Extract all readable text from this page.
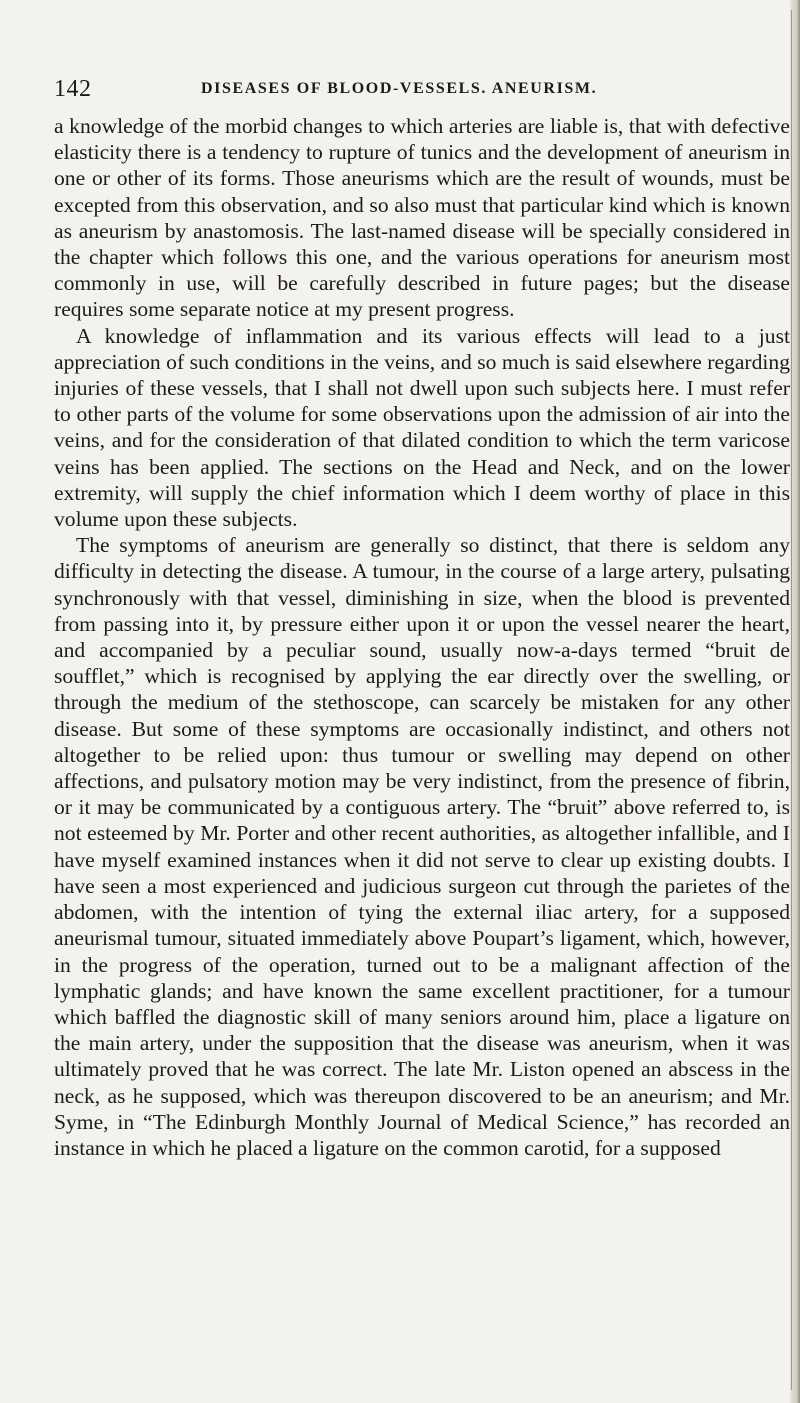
142	DISEASES OF BLOOD-VESSELS. ANEURISM.

a knowledge of the morbid changes to which arteries are liable is, that with defective elasticity there is a tendency to rupture of tunics and the development of aneurism in one or other of its forms. Those aneurisms which are the result of wounds, must be excepted from this observation, and so also must that particular kind which is known as aneurism by anastomosis. The last-named disease will be specially considered in the chapter which follows this one, and the various operations for aneurism most commonly in use, will be carefully described in future pages; but the disease requires some separate notice at my present progress.

A knowledge of inflammation and its various effects will lead to a just appreciation of such conditions in the veins, and so much is said elsewhere regarding injuries of these vessels, that I shall not dwell upon such subjects here. I must refer to other parts of the volume for some observations upon the admission of air into the veins, and for the consideration of that dilated condition to which the term varicose veins has been applied. The sections on the Head and Neck, and on the lower extremity, will supply the chief information which I deem worthy of place in this volume upon these subjects.

The symptoms of aneurism are generally so distinct, that there is seldom any difficulty in detecting the disease. A tumour, in the course of a large artery, pulsating synchronously with that vessel, diminishing in size, when the blood is prevented from passing into it, by pressure either upon it or upon the vessel nearer the heart, and accompanied by a peculiar sound, usually now-a-days termed “bruit de soufflet,” which is recognised by applying the ear directly over the swelling, or through the medium of the stethoscope, can scarcely be mistaken for any other disease. But some of these symptoms are occasionally indistinct, and others not altogether to be relied upon: thus tumour or swelling may depend on other affections, and pulsatory motion may be very indistinct, from the presence of fibrin, or it may be communicated by a contiguous artery. The “bruit” above referred to, is not esteemed by Mr. Porter and other recent authorities, as altogether infallible, and I have myself examined instances when it did not serve to clear up existing doubts. I have seen a most experienced and judicious surgeon cut through the parietes of the abdomen, with the intention of tying the external iliac artery, for a supposed aneurismal tumour, situated immediately above Poupart’s ligament, which, however, in the progress of the operation, turned out to be a malignant affection of the lymphatic glands; and have known the same excellent practitioner, for a tumour which baffled the diagnostic skill of many seniors around him, place a ligature on the main artery, under the supposition that the disease was aneurism, when it was ultimately proved that he was correct. The late Mr. Liston opened an abscess in the neck, as he supposed, which was thereupon discovered to be an aneurism; and Mr. Syme, in “The Edinburgh Monthly Journal of Medical Science,” has recorded an instance in which he placed a ligature on the common carotid, for a supposed
